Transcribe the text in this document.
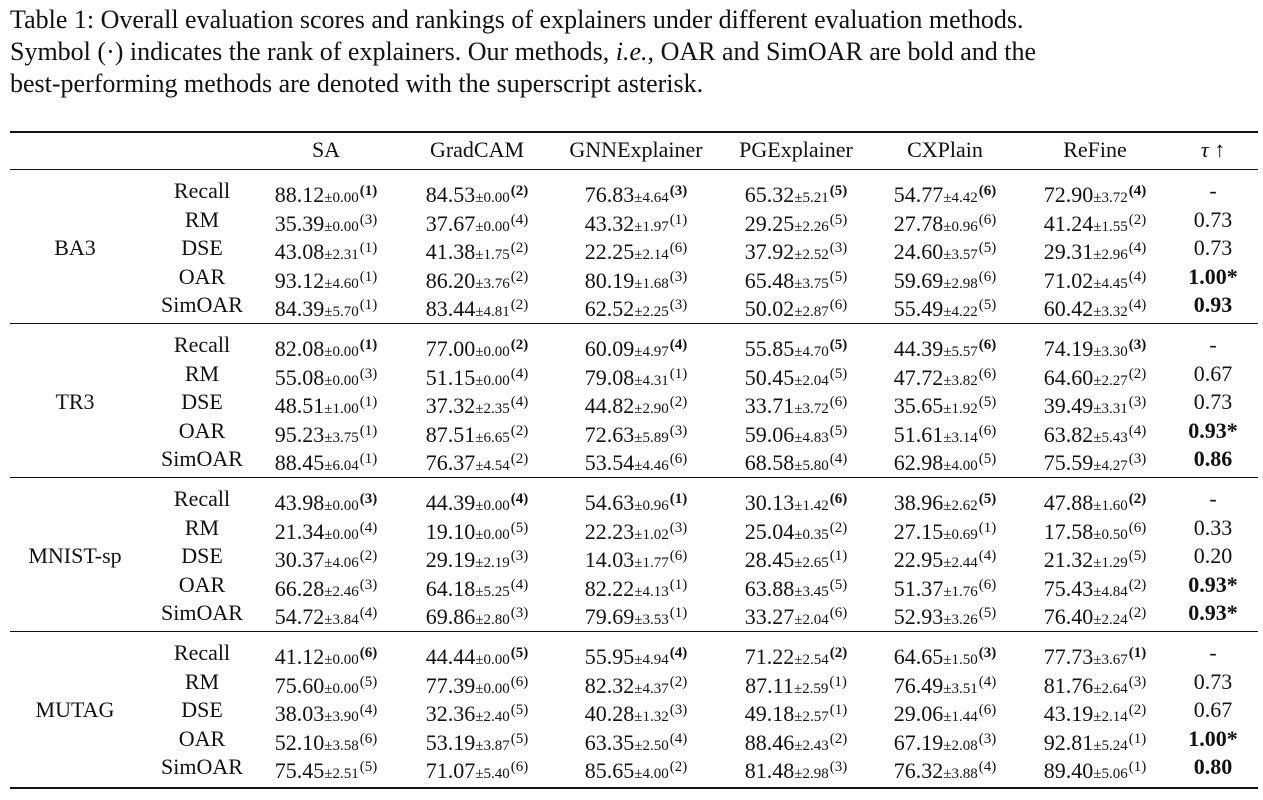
Table 1: Overall evaluation scores and rankings of explainers under different evaluation methods.
Symbol (·) indicates the rank of explainers. Our methods, i.e., OAR and SimOAR are bold and the
best-performing methods are denoted with the superscript asterisk.
SA	GradCAM GNNExplainer PGExplainer CXPlain	ReFine	τ ↑
BA3
Recall $88.12\pm 0.00^{(1)}$ $84.53\pm 0.00^{(2)}$	$76.83\pm 4.64^{(3)}$	$65.32\pm 5.21^{(5)}$ $54.77\pm 4.42^{(6)}$ $72.90\pm 3.72^{(4)}$	-
RM	$35.39\pm 0.00^{(3)}$ $37.67\pm 0.00^{(4)}$	$43.32\pm 1.97^{(1)}$	$29.25\pm 2.26^{(5)}$ $27.78\pm 0.96^{(6)}$ $41.24\pm 1.55^{(2)}$ 0.73
DSE $43.08\pm 2.31^{(1)}$ $41.38\pm 1.75^{(2)}$	$22.25\pm 2.14^{(6)}$	$37.92\pm 2.52^{(3)}$ $24.60\pm 3.57^{(5)}$ $29.31\pm 2.96^{(4)}$ 0.73
OAR $93.12\pm 4.60^{(1)}$ $86.20\pm 3.76^{(2)}$	$80.19\pm 1.68^{(3)}$	$65.48\pm 3.75^{(5)}$ $59.69\pm 2.98^{(6)}$ $71.02\pm 4.45^{(4)}$ 1.00*
SimOAR $84.39\pm 5.70^{(1)}$ $83.44\pm 4.81^{(2)}$	$62.52\pm 2.25^{(3)}$	$50.02\pm 2.87^{(6)}$ $55.49\pm 4.22^{(5)}$ $60.42\pm 3.32^{(4)}$ 0.93
TR3
Recall $82.08\pm 0.00^{(1)}$ $77.00\pm 0.00^{(2)}$	$60.09\pm 4.97^{(4)}$	$55.85\pm 4.70^{(5)}$ $44.39\pm 5.57^{(6)}$ $74.19\pm 3.30^{(3)}$	-
RM	$55.08\pm 0.00^{(3)}$ $51.15\pm 0.00^{(4)}$	$79.08\pm 4.31^{(1)}$	$50.45\pm 2.04^{(5)}$ $47.72\pm 3.82^{(6)}$ $64.60\pm 2.27^{(2)}$ 0.67
DSE $48.51\pm 1.00^{(1)}$ $37.32\pm 2.35^{(4)}$	$44.82\pm 2.90^{(2)}$	$33.71\pm 3.72^{(6)}$ $35.65\pm 1.92^{(5)}$ $39.49\pm 3.31^{(3)}$ 0.73
OAR $95.23\pm 3.75^{(1)}$ $87.51\pm 6.65^{(2)}$	$72.63\pm 5.89^{(3)}$	$59.06\pm 4.83^{(5)}$ $51.61\pm 3.14^{(6)}$ $63.82\pm 5.43^{(4)}$ 0.93*
SimOAR $88.45\pm 6.04^{(1)}$ $76.37\pm 4.54^{(2)}$	$53.54\pm 4.46^{(6)}$	$68.58\pm 5.80^{(4)}$ $62.98\pm 4.00^{(5)}$ $75.59\pm 4.27^{(3)}$ 0.86
MNIST-sp
Recall $43.98\pm 0.00^{(3)}$ $44.39\pm 0.00^{(4)}$	$54.63\pm 0.96^{(1)}$	$30.13\pm 1.42^{(6)}$ $38.96\pm 2.62^{(5)}$ $47.88\pm 1.60^{(2)}$	-
RM	$21.34\pm 0.00^{(4)}$ $19.10\pm 0.00^{(5)}$	$22.23\pm 1.02^{(3)}$	$25.04\pm 0.35^{(2)}$ $27.15\pm 0.69^{(1)}$ $17.58\pm 0.50^{(6)}$ 0.33
DSE $30.37\pm 4.06^{(2)}$ $29.19\pm 2.19^{(3)}$	$14.03\pm 1.77^{(6)}$	$28.45\pm 2.65^{(1)}$ $22.95\pm 2.44^{(4)}$ $21.32\pm 1.29^{(5)}$ 0.20
OAR $66.28\pm 2.46^{(3)}$ $64.18\pm 5.25^{(4)}$	$82.22\pm 4.13^{(1)}$	$63.88\pm 3.45^{(5)}$ $51.37\pm 1.76^{(6)}$ $75.43\pm 4.84^{(2)}$ 0.93*
SimOAR $54.72\pm 3.84^{(4)}$ $69.86\pm 2.80^{(3)}$	$79.69\pm 3.53^{(1)}$	$33.27\pm 2.04^{(6)}$ $52.93\pm 3.26^{(5)}$ $76.40\pm 2.24^{(2)}$ 0.93*
MUTAG
Recall $41.12\pm 0.00^{(6)}$ $44.44\pm 0.00^{(5)}$	$55.95\pm 4.94^{(4)}$	$71.22\pm 2.54^{(2)}$ $64.65\pm 1.50^{(3)}$ $77.73\pm 3.67^{(1)}$	-
RM	$75.60\pm 0.00^{(5)}$ $77.39\pm 0.00^{(6)}$	$82.32\pm 4.37^{(2)}$	$87.11\pm 2.59^{(1)}$ $76.49\pm 3.51^{(4)}$ $81.76\pm 2.64^{(3)}$ 0.73
DSE $38.03\pm 3.90^{(4)}$ $32.36\pm 2.40^{(5)}$	$40.28\pm 1.32^{(3)}$	$49.18\pm 2.57^{(1)}$ $29.06\pm 1.44^{(6)}$ $43.19\pm 2.14^{(2)}$ 0.67
OAR $52.10\pm 3.58^{(6)}$ $53.19\pm 3.87^{(5)}$	$63.35\pm 2.50^{(4)}$	$88.46\pm 2.43^{(2)}$ $67.19\pm 2.08^{(3)}$ $92.81\pm 5.24^{(1)}$ 1.00*
SimOAR $75.45\pm 2.51^{(5)}$ $71.07\pm 5.40^{(6)}$	$85.65\pm 4.00^{(2)}$	$81.48\pm 2.98^{(3)}$ $76.32\pm 3.88^{(4)}$ $89.40\pm 5.06^{(1)}$ 0.80
